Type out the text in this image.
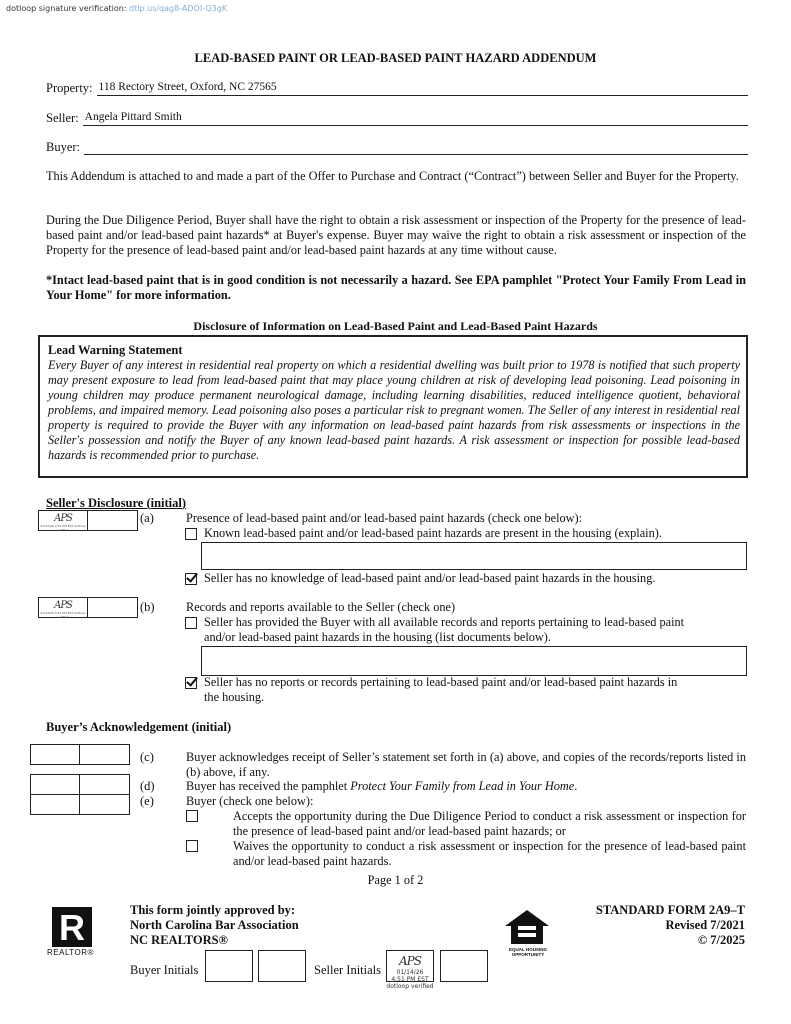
dotloop signature verification: dtlp.us/qag8-ADOI-Q3gK
LEAD-BASED PAINT OR LEAD-BASED PAINT HAZARD ADDENDUM
Property: 118 Rectory Street, Oxford, NC 27565
Seller: Angela Pittard Smith
Buyer:
This Addendum is attached to and made a part of the Offer to Purchase and Contract (“Contract”) between Seller and Buyer for the Property.
During the Due Diligence Period, Buyer shall have the right to obtain a risk assessment or inspection of the Property for the presence of lead-based paint and/or lead-based paint hazards* at Buyer's expense. Buyer may waive the right to obtain a risk assessment or inspection of the Property for the presence of lead-based paint and/or lead-based paint hazards at any time without cause.
*Intact lead-based paint that is in good condition is not necessarily a hazard. See EPA pamphlet "Protect Your Family From Lead in Your Home" for more information.
Disclosure of Information on Lead-Based Paint and Lead-Based Paint Hazards
Lead Warning Statement
Every Buyer of any interest in residential real property on which a residential dwelling was built prior to 1978 is notified that such property may present exposure to lead from lead-based paint that may place young children at risk of developing lead poisoning. Lead poisoning in young children may produce permanent neurological damage, including learning disabilities, reduced intelligence quotient, behavioral problems, and impaired memory. Lead poisoning also poses a particular risk to pregnant women. The Seller of any interest in residential real property is required to provide the Buyer with any information on lead-based paint hazards from risk assessments or inspections in the Seller's possession and notify the Buyer of any known lead-based paint hazards. A risk assessment or inspection for possible lead-based hazards is recommended prior to purchase.
Seller's Disclosure (initial)
APS
01/14/26 4:51 PM EST dotloop verified
(a)	Presence of lead-based paint and/or lead-based paint hazards (check one below):
Known lead-based paint and/or lead-based paint hazards are present in the housing (explain).
Seller has no knowledge of lead-based paint and/or lead-based paint hazards in the housing.
APS
01/14/26 4:51 PM EST dotloop verified
(b)	Records and reports available to the Seller (check one)
Seller has provided the Buyer with all available records and reports pertaining to lead-based paint and/or lead-based paint hazards in the housing (list documents below).
Seller has no reports or records pertaining to lead-based paint and/or lead-based paint hazards in the housing.
Buyer’s Acknowledgement (initial)
(c)	Buyer acknowledges receipt of Seller’s statement set forth in (a) above, and copies of the records/reports listed in (b) above, if any.
(d)	Buyer has received the pamphlet Protect Your Family from Lead in Your Home.
(e)	Buyer (check one below):
Accepts the opportunity during the Due Diligence Period to conduct a risk assessment or inspection for the presence of lead-based paint and/or lead-based paint hazards; or
Waives the opportunity to conduct a risk assessment or inspection for the presence of lead-based paint and/or lead-based paint hazards.
Page 1 of 2
R
REALTOR®
This form jointly approved by:
North Carolina Bar Association
NC REALTORS®
EQUAL HOUSING OPPORTUNITY
STANDARD FORM 2A9–T
Revised 7/2021
© 7/2025
Buyer Initials	Seller Initials
APS
01/14/26
4:51 PM EST
dotloop verified
